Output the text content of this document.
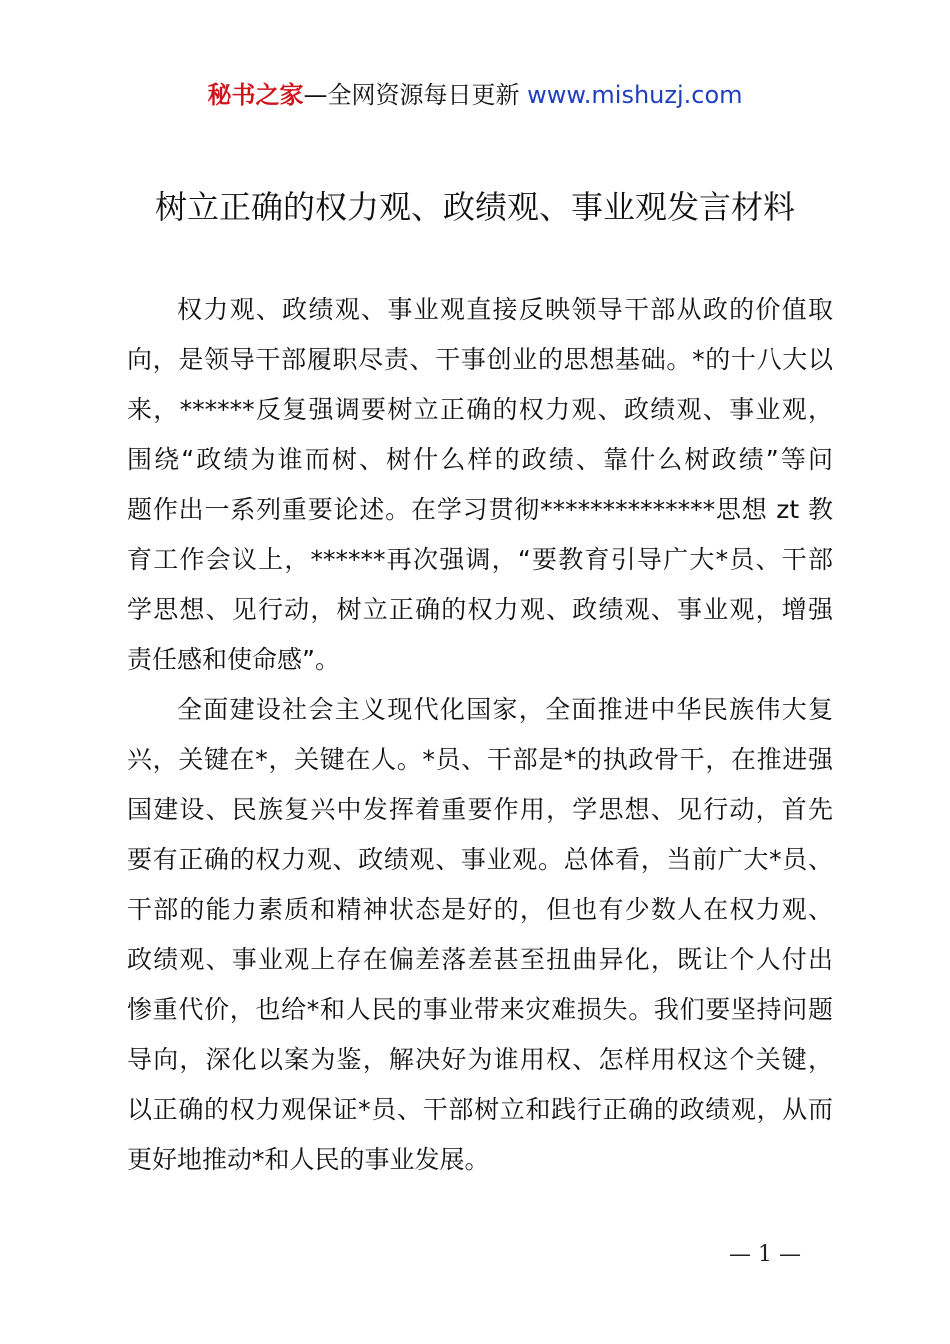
秘书之家—全网资源每日更新 www.mishuzj.com
树立正确的权力观、政绩观、事业观发言材料
权力观、政绩观、事业观直接反映领导干部从政的价值取
向，是领导干部履职尽责、干事创业的思想基础。*的十八大以
来，******反复强调要树立正确的权力观、政绩观、事业观，
围绕“政绩为谁而树、树什么样的政绩、靠什么树政绩”等问
题作出一系列重要论述。在学习贯彻**************思想 zt 教
育工作会议上，******再次强调，“要教育引导广大*员、干部
学思想、见行动，树立正确的权力观、政绩观、事业观，增强
责任感和使命感”。
全面建设社会主义现代化国家，全面推进中华民族伟大复
兴，关键在*，关键在人。*员、干部是*的执政骨干，在推进强
国建设、民族复兴中发挥着重要作用，学思想、见行动，首先
要有正确的权力观、政绩观、事业观。总体看，当前广大*员、
干部的能力素质和精神状态是好的，但也有少数人在权力观、
政绩观、事业观上存在偏差落差甚至扭曲异化，既让个人付出
惨重代价，也给*和人民的事业带来灾难损失。我们要坚持问题
导向，深化以案为鉴，解决好为谁用权、怎样用权这个关键，
以正确的权力观保证*员、干部树立和践行正确的政绩观，从而
更好地推动*和人民的事业发展。
— 1 —
